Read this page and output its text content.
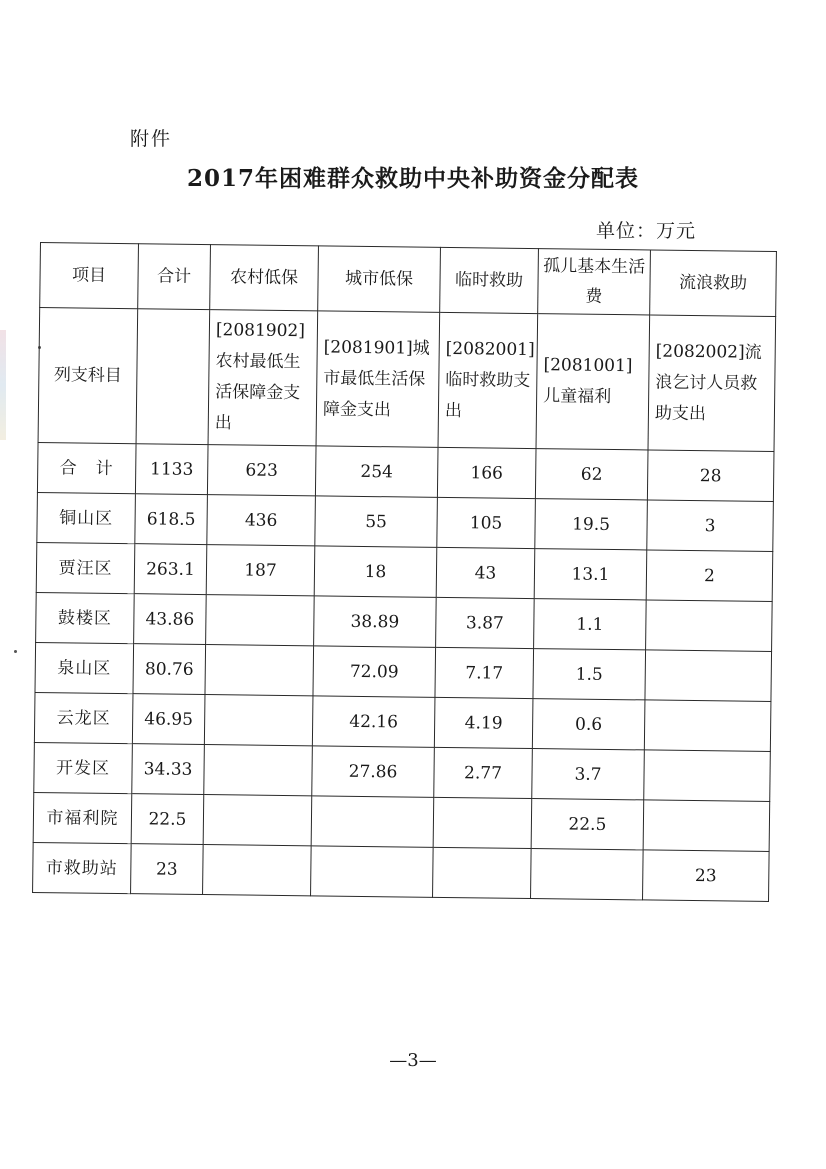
附件
2017年困难群众救助中央补助资金分配表
单位：万元
项目	合计	农村低保	城市低保	临时救助	孤儿基本生活费	流浪救助
列支科目		[2081902]农村最低生活保障金支出	[2081901]城市最低生活保障金支出	[2082001]临时救助支出	[2081001]儿童福利	[2082002]流浪乞讨人员救助支出
合　计	1133	623	254	166	62	28
铜山区	618.5	436	55	105	19.5	3
贾汪区	263.1	187	18	43	13.1	2
鼓楼区	43.86		38.89	3.87	1.1	
泉山区	80.76		72.09	7.17	1.5	
云龙区	46.95		42.16	4.19	0.6	
开发区	34.33		27.86	2.77	3.7	
市福利院	22.5				22.5	
市救助站	23					23
—3—
